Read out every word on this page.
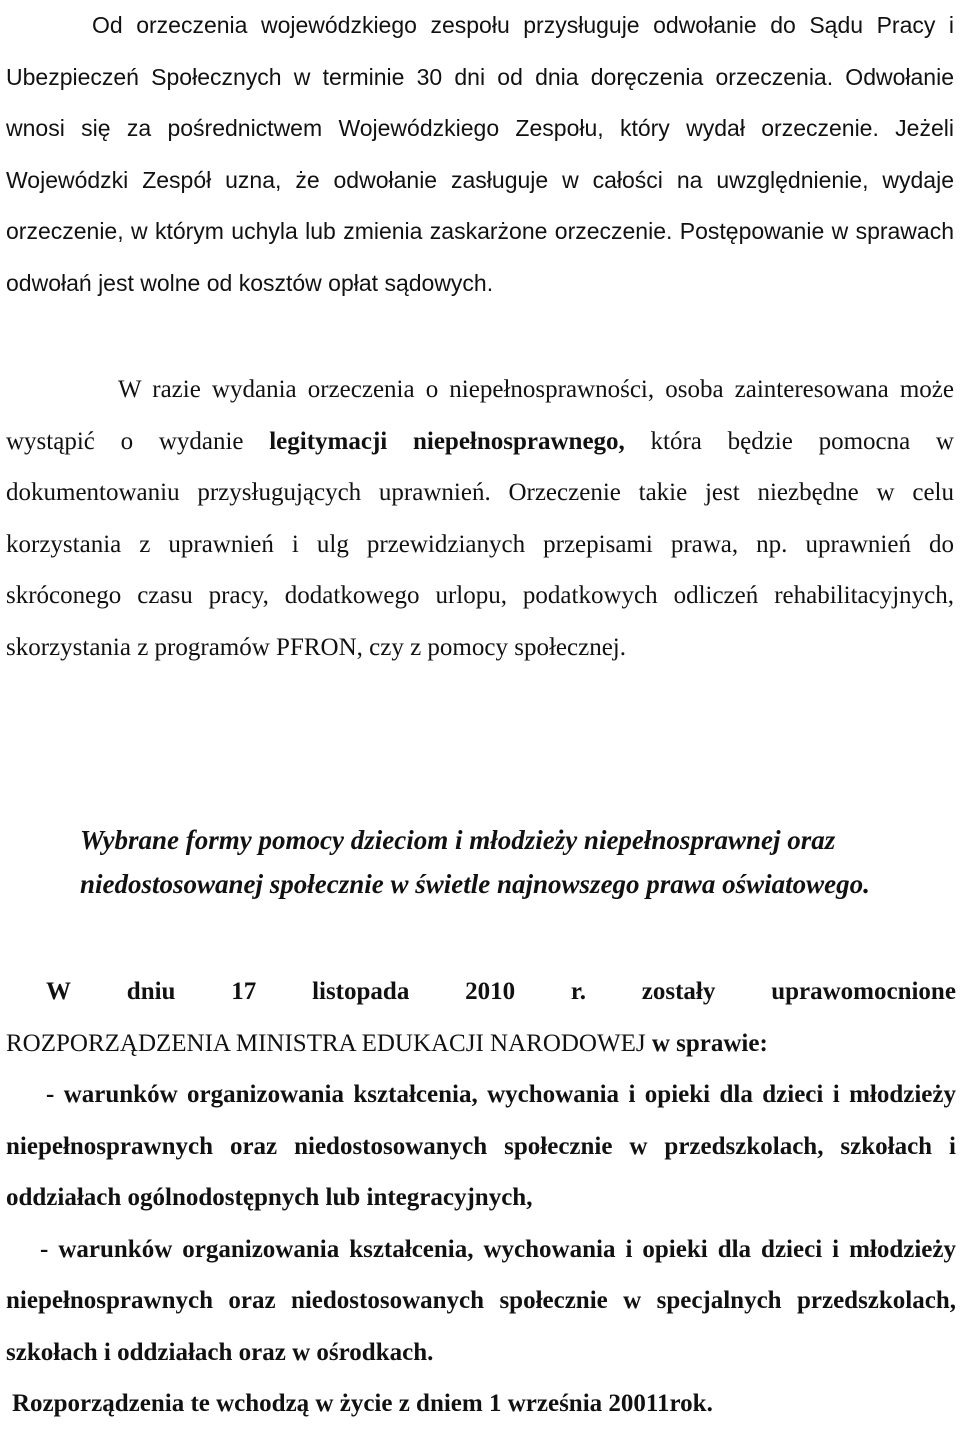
Od orzeczenia wojewódzkiego zespołu przysługuje odwołanie do Sądu Pracy i Ubezpieczeń Społecznych w terminie 30 dni od dnia doręczenia orzeczenia. Odwołanie wnosi się za pośrednictwem Wojewódzkiego Zespołu, który wydał orzeczenie. Jeżeli Wojewódzki Zespół uzna, że odwołanie zasługuje w całości na uwzględnienie, wydaje orzeczenie, w którym uchyla lub zmienia zaskarżone orzeczenie. Postępowanie w sprawach odwołań jest wolne od kosztów opłat sądowych.

W razie wydania orzeczenia o niepełnosprawności, osoba zainteresowana może wystąpić o wydanie legitymacji niepełnosprawnego, która będzie pomocna w dokumentowaniu przysługujących uprawnień. Orzeczenie takie jest niezbędne w celu korzystania z uprawnień i ulg przewidzianych przepisami prawa, np. uprawnień do skróconego czasu pracy, dodatkowego urlopu, podatkowych odliczeń rehabilitacyjnych, skorzystania z programów PFRON, czy z pomocy społecznej.

Wybrane formy pomocy dzieciom i młodzieży niepełnosprawnej oraz
niedostosowanej społecznie w świetle najnowszego prawa oświatowego.
W dniu 17 listopada 2010 r. zostały uprawomocnione
ROZPORZĄDZENIA MINISTRA EDUKACJI NARODOWEJ w sprawie:
- warunków organizowania kształcenia, wychowania i opieki dla dzieci i młodzieży niepełnosprawnych oraz niedostosowanych społecznie w przedszkolach, szkołach i oddziałach ogólnodostępnych lub integracyjnych,
- warunków organizowania kształcenia, wychowania i opieki dla dzieci i młodzieży niepełnosprawnych oraz niedostosowanych społecznie w specjalnych przedszkolach, szkołach i oddziałach oraz w ośrodkach.
Rozporządzenia te wchodzą w życie z dniem 1 września 20011rok.
